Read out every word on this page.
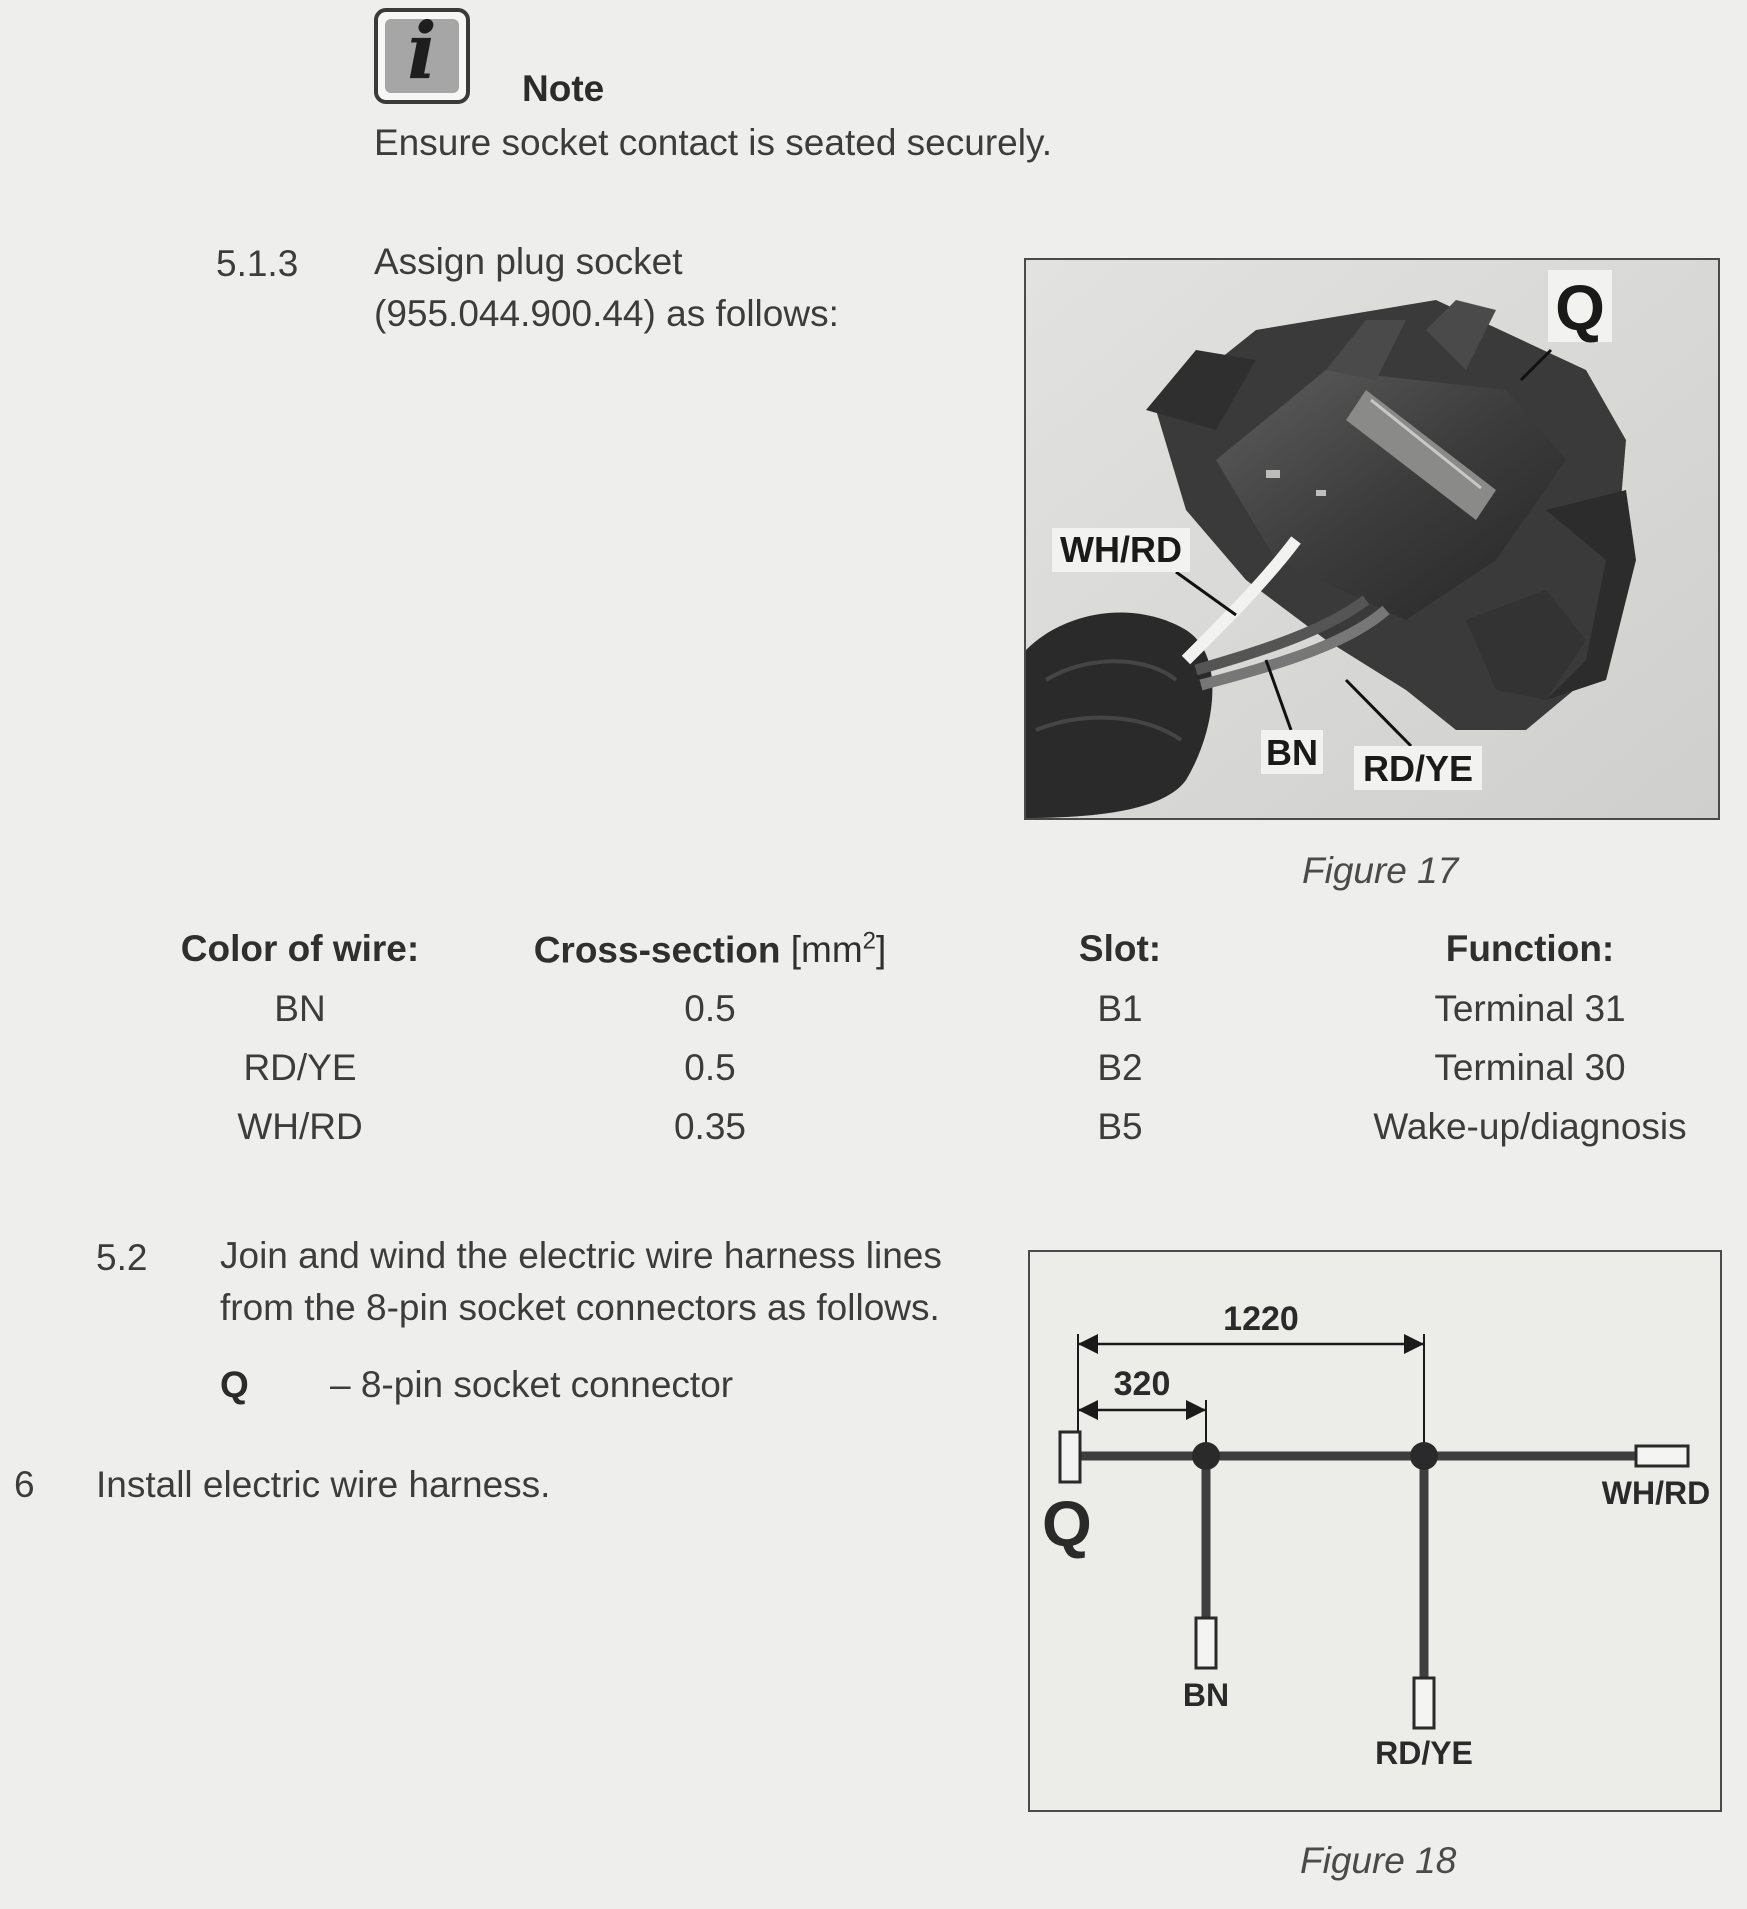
i	Note
Ensure socket contact is seated securely.
5.1.3 Assign plug socket
(955.044.900.44) as follows:	Q
WH/RD
BN RD/YE
Figure 17
Color of wire:	Cross-section $[mm^2]$	Slot:	Function:
BN	0.5	B1	Terminal 31
RD/YE	0.5	B2	Terminal 30
WH/RD	0.35	B5	Wake-up/diagnosis
5.2 Join and wind the electric wire harness lines
from the 8-pin socket connectors as follows.
Q – 8-pin socket connector
6 Install electric wire harness.
1220
320
Q	WH/RD
BN
RD/YE
Figure 18
